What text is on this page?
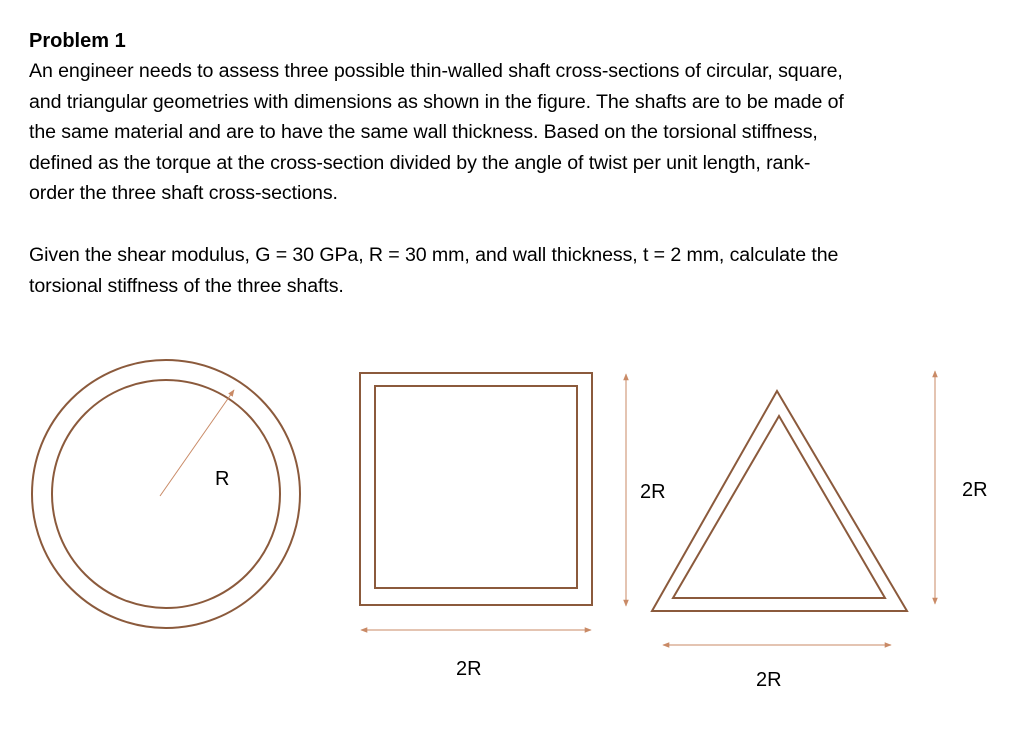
Problem 1

An engineer needs to assess three possible thin-walled shaft cross-sections of circular, square,
and triangular geometries with dimensions as shown in the figure. The shafts are to be made of
the same material and are to have the same wall thickness. Based on the torsional stiffness,
defined as the torque at the cross-section divided by the angle of twist per unit length, rank-
order the three shaft cross-sections.

Given the shear modulus, G = 30 GPa, R = 30 mm, and wall thickness, t = 2 mm, calculate the
torsional stiffness of the three shafts.

R
2R
2R
2R
2R
